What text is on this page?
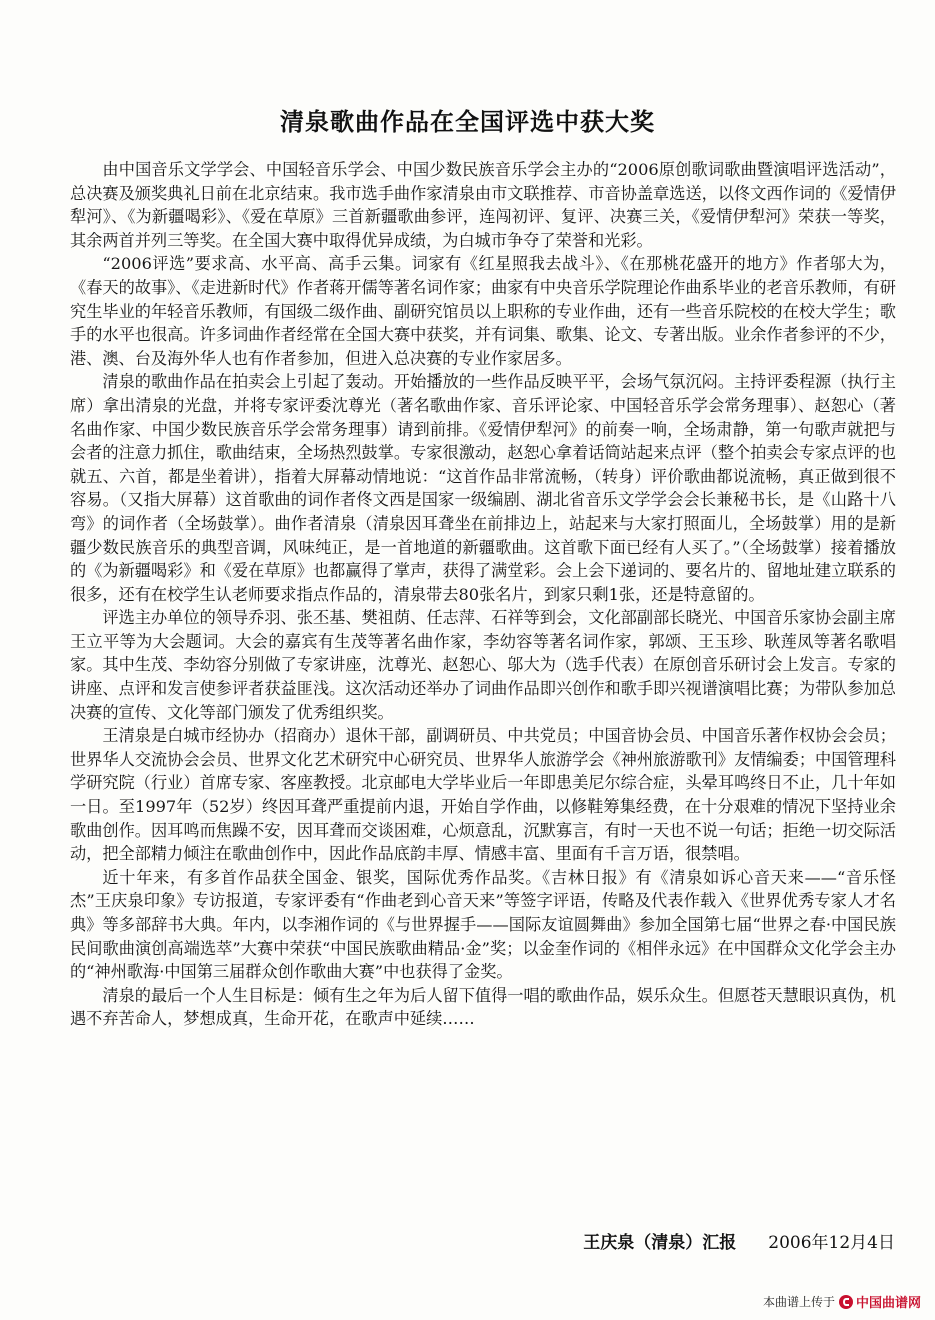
清泉歌曲作品在全国评选中获大奖

由中国音乐文学学会、中国轻音乐学会、中国少数民族音乐学会主办的“2006原创歌词歌曲暨演唱评选活动”，总决赛及颁奖典礼日前在北京结束。我市选手曲作家清泉由市文联推荐、市音协盖章选送，以佟文西作词的《爱情伊犁河》、《为新疆喝彩》、《爱在草原》三首新疆歌曲参评，连闯初评、复评、决赛三关，《爱情伊犁河》荣获一等奖，其余两首并列三等奖。在全国大赛中取得优异成绩，为白城市争夺了荣誉和光彩。

“2006评选”要求高、水平高、高手云集。词家有《红星照我去战斗》、《在那桃花盛开的地方》作者邬大为，《春天的故事》、《走进新时代》作者蒋开儒等著名词作家；曲家有中央音乐学院理论作曲系毕业的老音乐教师，有研究生毕业的年轻音乐教师，有国级二级作曲、副研究馆员以上职称的专业作曲，还有一些音乐院校的在校大学生；歌手的水平也很高。许多词曲作者经常在全国大赛中获奖，并有词集、歌集、论文、专著出版。业余作者参评的不少，港、澳、台及海外华人也有作者参加，但进入总决赛的专业作家居多。

清泉的歌曲作品在拍卖会上引起了轰动。开始播放的一些作品反映平平，会场气氛沉闷。主持评委程源（执行主席）拿出清泉的光盘，并将专家评委沈尊光（著名歌曲作家、音乐评论家、中国轻音乐学会常务理事）、赵恕心（著名曲作家、中国少数民族音乐学会常务理事）请到前排。《爱情伊犁河》的前奏一响，全场肃静，第一句歌声就把与会者的注意力抓住，歌曲结束，全场热烈鼓掌。专家很激动，赵恕心拿着话筒站起来点评（整个拍卖会专家点评的也就五、六首，都是坐着讲），指着大屏幕动情地说：“这首作品非常流畅，（转身）评价歌曲都说流畅，真正做到很不容易。（又指大屏幕）这首歌曲的词作者佟文西是国家一级编剧、湖北省音乐文学学会会长兼秘书长，是《山路十八弯》的词作者（全场鼓掌）。曲作者清泉（清泉因耳聋坐在前排边上，站起来与大家打照面儿，全场鼓掌）用的是新疆少数民族音乐的典型音调，风味纯正，是一首地道的新疆歌曲。这首歌下面已经有人买了。”（全场鼓掌）接着播放的《为新疆喝彩》和《爱在草原》也都赢得了掌声，获得了满堂彩。会上会下递词的、要名片的、留地址建立联系的很多，还有在校学生认老师要求指点作品的，清泉带去80张名片，到家只剩1张，还是特意留的。

评选主办单位的领导乔羽、张丕基、樊祖荫、任志萍、石祥等到会，文化部副部长晓光、中国音乐家协会副主席王立平等为大会题词。大会的嘉宾有生茂等著名曲作家，李幼容等著名词作家，郭颂、王玉珍、耿莲凤等著名歌唱家。其中生茂、李幼容分别做了专家讲座，沈尊光、赵恕心、邬大为（选手代表）在原创音乐研讨会上发言。专家的讲座、点评和发言使参评者获益匪浅。这次活动还举办了词曲作品即兴创作和歌手即兴视谱演唱比赛；为带队参加总决赛的宣传、文化等部门颁发了优秀组织奖。

王清泉是白城市经协办（招商办）退休干部，副调研员、中共党员；中国音协会员、中国音乐著作权协会会员；世界华人交流协会会员、世界文化艺术研究中心研究员、世界华人旅游学会《神州旅游歌刊》友情编委；中国管理科学研究院（行业）首席专家、客座教授。北京邮电大学毕业后一年即患美尼尔综合症，头晕耳鸣终日不止，几十年如一日。至1997年（52岁）终因耳聋严重提前内退，开始自学作曲，以修鞋筹集经费，在十分艰难的情况下坚持业余歌曲创作。因耳鸣而焦躁不安，因耳聋而交谈困难，心烦意乱，沉默寡言，有时一天也不说一句话；拒绝一切交际活动，把全部精力倾注在歌曲创作中，因此作品底韵丰厚、情感丰富、里面有千言万语，很禁唱。

近十年来，有多首作品获全国金、银奖，国际优秀作品奖。《吉林日报》有《清泉如诉心音天来——“音乐怪杰”王庆泉印象》专访报道，专家评委有“作曲老到心音天来”等签字评语，传略及代表作载入《世界优秀专家人才名典》等多部辞书大典。年内，以李湘作词的《与世界握手——国际友谊圆舞曲》参加全国第七届“世界之春·中国民族民间歌曲演创高端选萃”大赛中荣获“中国民族歌曲精品·金”奖；以金奎作词的《相伴永远》在中国群众文化学会主办的“神州歌海·中国第三届群众创作歌曲大赛”中也获得了金奖。

清泉的最后一个人生目标是：倾有生之年为后人留下值得一唱的歌曲作品，娱乐众生。但愿苍天慧眼识真伪，机遇不弃苦命人，梦想成真，生命开花，在歌声中延续……

王庆泉（清泉）汇报 2006年12月4日
本曲谱上传于 中国曲谱网
